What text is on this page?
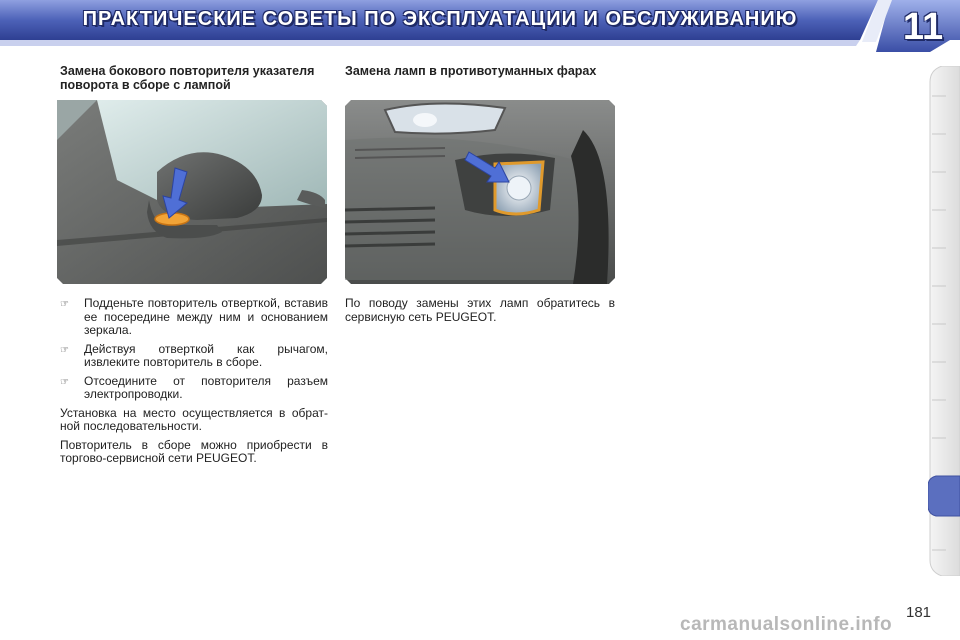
ПРАКТИЧЕСКИЕ СОВЕТЫ ПО ЭКСПЛУАТАЦИИ И ОБСЛУЖИВАНИЮ	11
Замена бокового повторителя указателя
поворота в сборе с лампой
☞	Подденьте повторитель отверткой, вставив ее посередине между ним и основанием зеркала.
☞	Действуя отверткой как рычагом, извлеките повторитель в сборе.
☞	Отсоедините от повторителя разъем электропроводки.
Установка на место осуществляется в обрат- ной последовательности.
Повторитель в сборе можно приобрести в торгово-сервисной сети PEUGEOT.
Замена ламп в противотуманных фарах
По поводу замены этих ламп обратитесь в сервисную сеть PEUGEOT.
181
carmanualsonline.info
